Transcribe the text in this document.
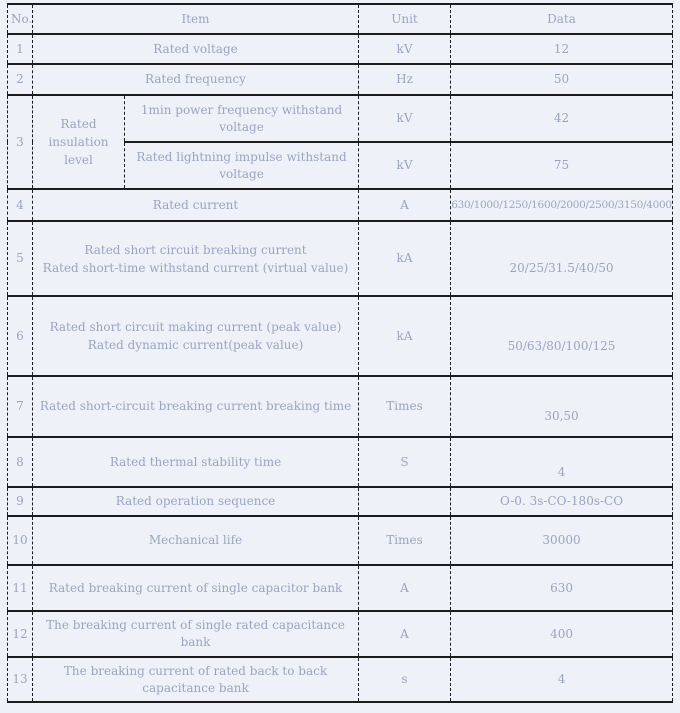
No.	Item		Unit	Data
1	Rated voltage		kV	12
2	Rated frequency		Hz	50
3	Rated insulation level	1min power frequency withstand voltage	kV	42
		Rated lightning impulse withstand voltage	kV	75
4	Rated current		A	630/1000/1250/1600/2000/2500/3150/4000
5	Rated short circuit breaking current
Rated short-time withstand current (virtual value)		kA	20/25/31.5/40/50
6	Rated short circuit making current (peak value)
Rated dynamic current(peak value)		kA	50/63/80/100/125
7	Rated short-circuit breaking current breaking time		Times	30,50
8	Rated thermal stability time		S	4
9	Rated operation sequence			O-0. 3s-CO-180s-CO
10	Mechanical life		Times	30000
11	Rated breaking current of single capacitor bank		A	630
12	The breaking current of single rated capacitance bank		A	400
13	The breaking current of rated back to back capacitance bank		s	4
